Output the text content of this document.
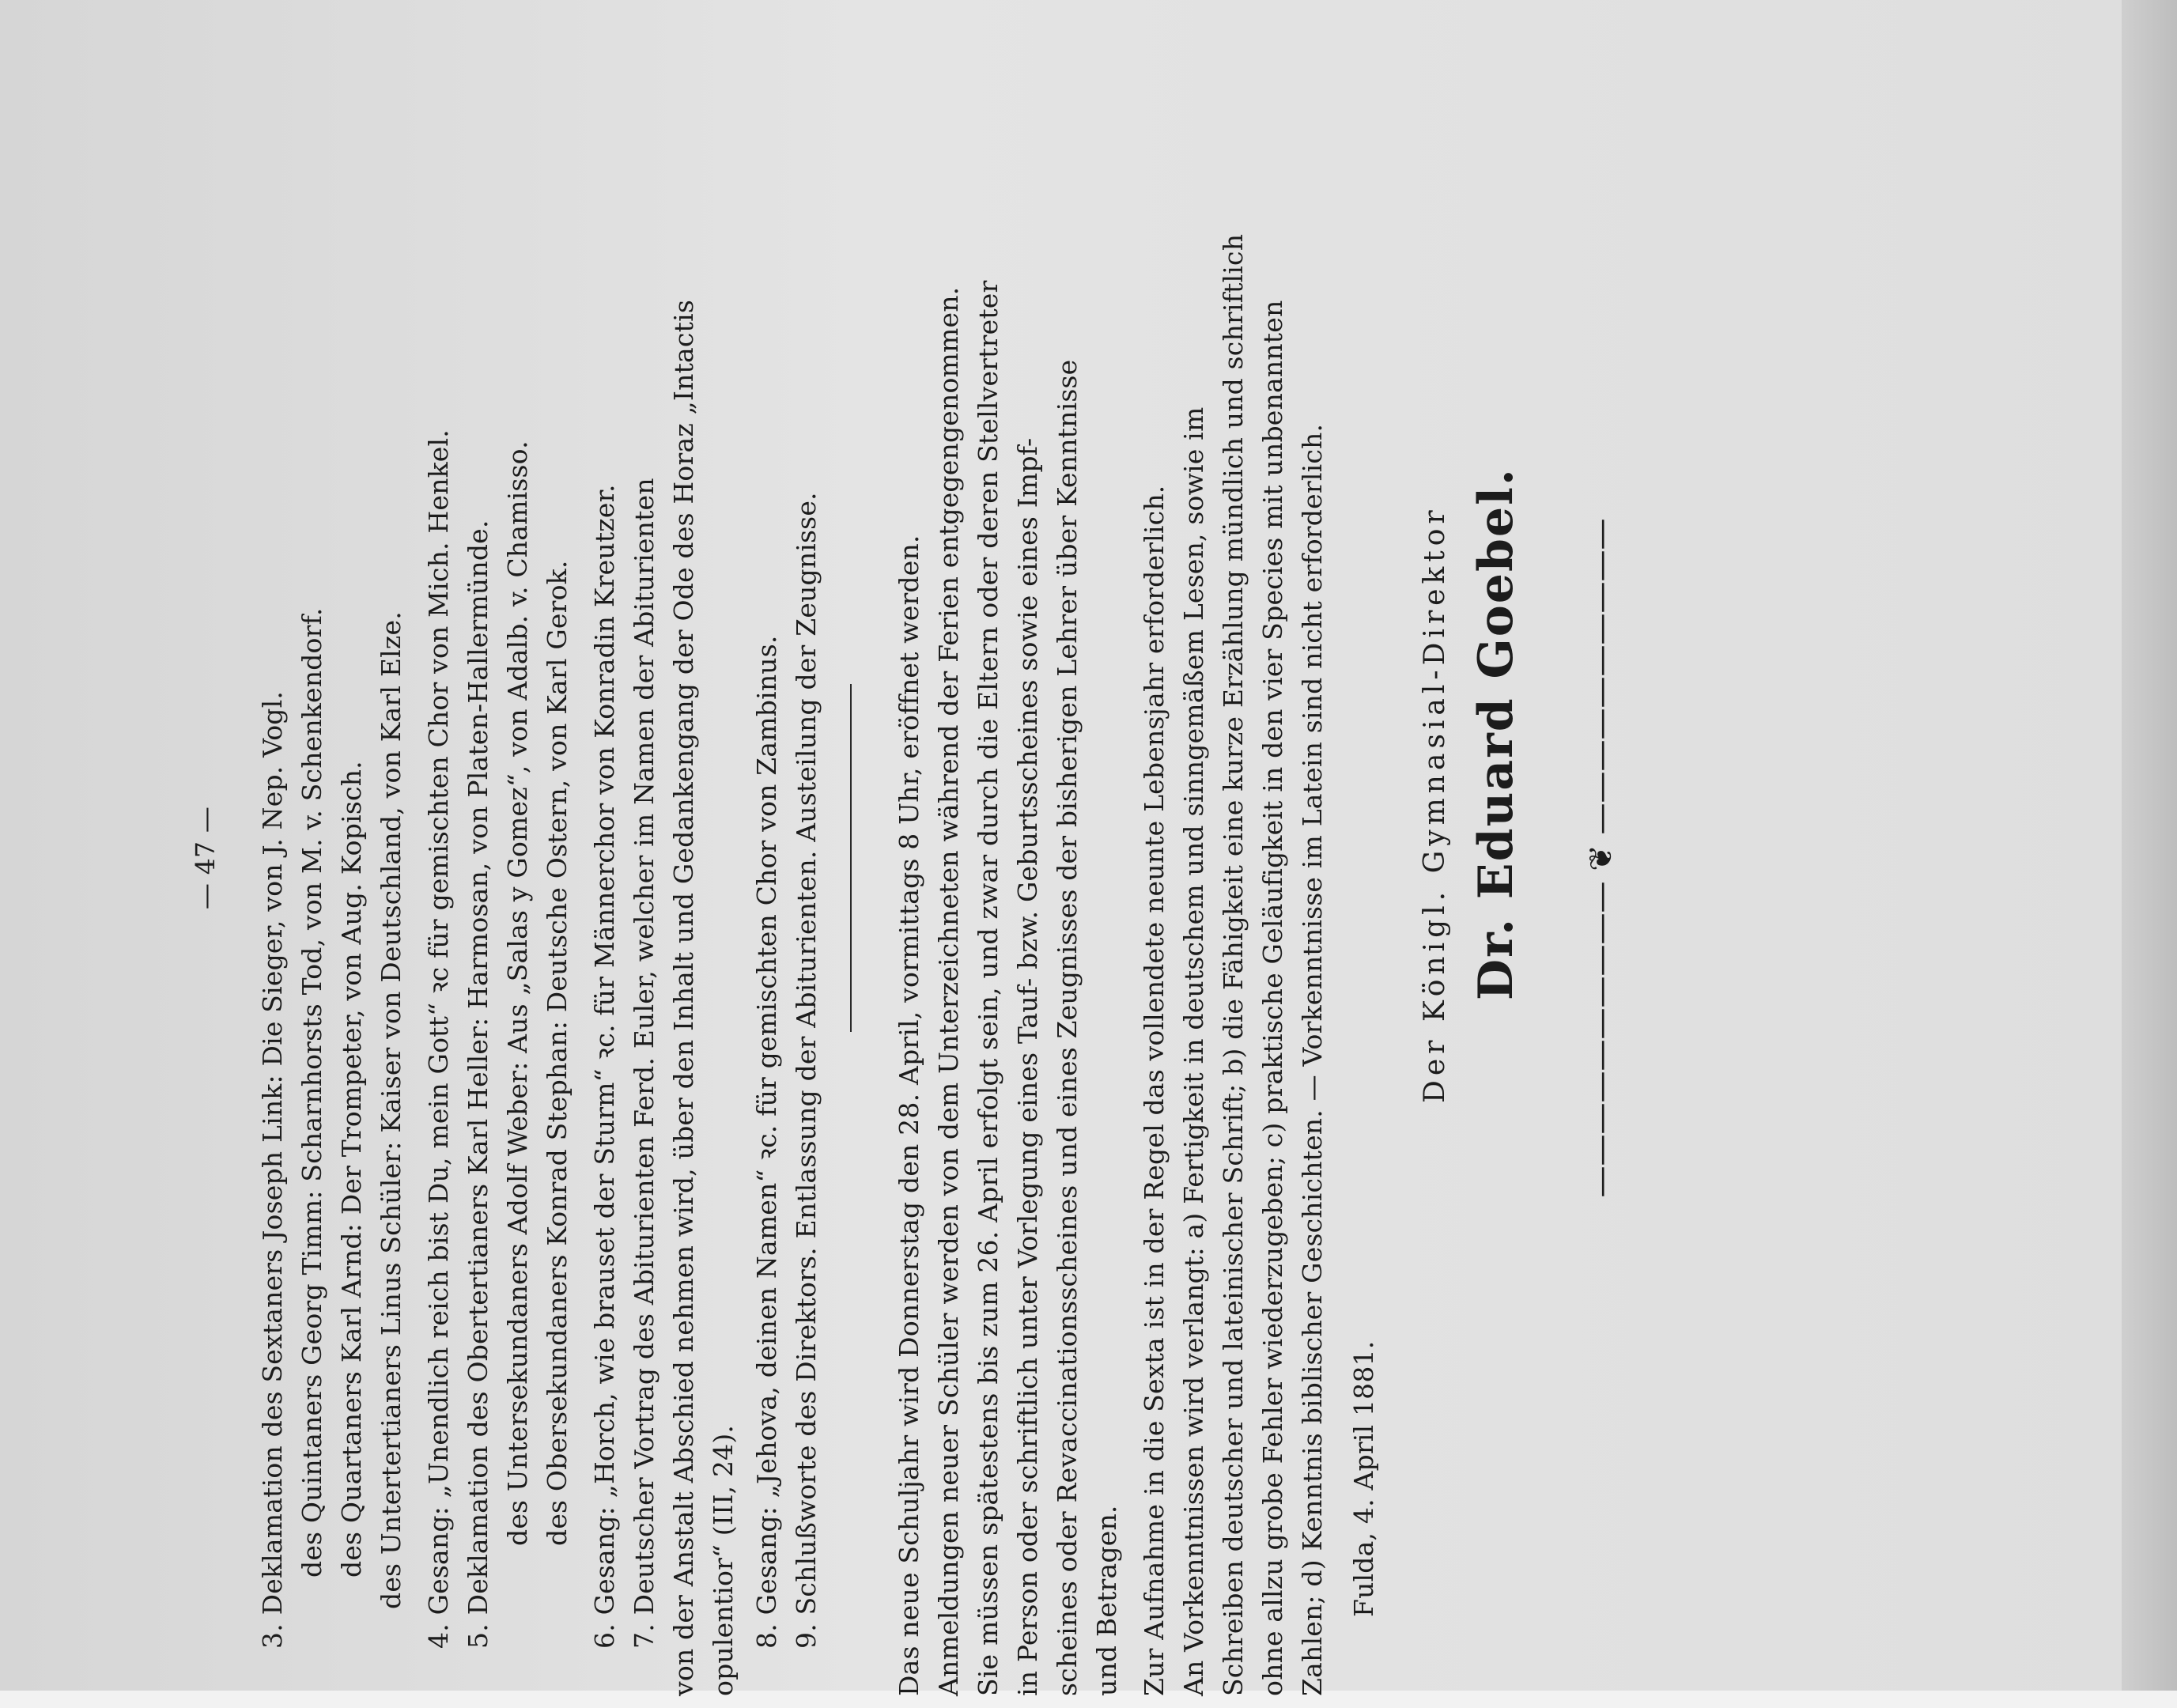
— 47 — 3. Deklamation des Sextaners Joseph Link: Die Sieger, von J. Nep. Vogl. des Quintaners Georg Timm: Scharnhorsts Tod, von M. v. Schenkendorf. des Quartaners Karl Arnd: Der Trompeter, von Aug. Kopisch. des Untertertianers Linus Schüler: Kaiser von Deutschland, von Karl Elze. 4. Gesang: „Unendlich reich bist Du, mein Gott“ ꝛc für gemischten Chor von Mich. Henkel. 5. Deklamation des Obertertianers Karl Heller: Harmosan, von Platen-Hallermünde. des Untersekundaners Adolf Weber: Aus „Salas y Gomez“, von Adalb. v. Chamisso. des Obersekundaners Konrad Stephan: Deutsche Ostern, von Karl Gerok. 6. Gesang: „Horch, wie brauset der Sturm“ ꝛc. für Männerchor von Konradin Kreutzer. 7. Deutscher Vortrag des Abiturienten Ferd. Euler, welcher im Namen der Abiturienten von der Anstalt Abschied nehmen wird, über den Inhalt und Gedankengang der Ode des Horaz „Intactis opulentior“ (III, 24). 8. Gesang: „Jehova, deinen Namen“ ꝛc. für gemischten Chor von Zambinus. 9. Schlußworte des Direktors. Entlassung der Abiturienten. Austeilung der Zeugnisse.	Das neue Schuljahr wird Donnerstag den 28. April, vormittags 8 Uhr, eröffnet werden. Anmeldungen neuer Schüler werden von dem Unterzeichneten während der Ferien entgegengenommen. Sie müssen spätestens bis zum 26. April erfolgt sein, und zwar durch die Eltern oder deren Stellvertreter in Person oder schriftlich unter Vorlegung eines Tauf- bzw. Geburtsscheines sowie eines Impf- scheines oder Revaccinationsscheines und eines Zeugnisses der bisherigen Lehrer über Kenntnisse und Betragen. Zur Aufnahme in die Sexta ist in der Regel das vollendete neunte Lebensjahr erforderlich. An Vorkenntnissen wird verlangt: a) Fertigkeit in deutschem und sinngemäßem Lesen, sowie im Schreiben deutscher und lateinischer Schrift; b) die Fähigkeit eine kurze Erzählung mündlich und schriftlich ohne allzu grobe Fehler wiederzugeben; c) praktische Geläufigkeit in den vier Species mit unbenannten Zahlen; d) Kenntnis biblischer Geschichten. — Vorkenntnisse im Latein sind nicht erforderlich. Fulda, 4. April 1881.
Der Königl. Gymnasial-Direktor Dr. Eduard Goebel. —————————— ❦ ——————————
